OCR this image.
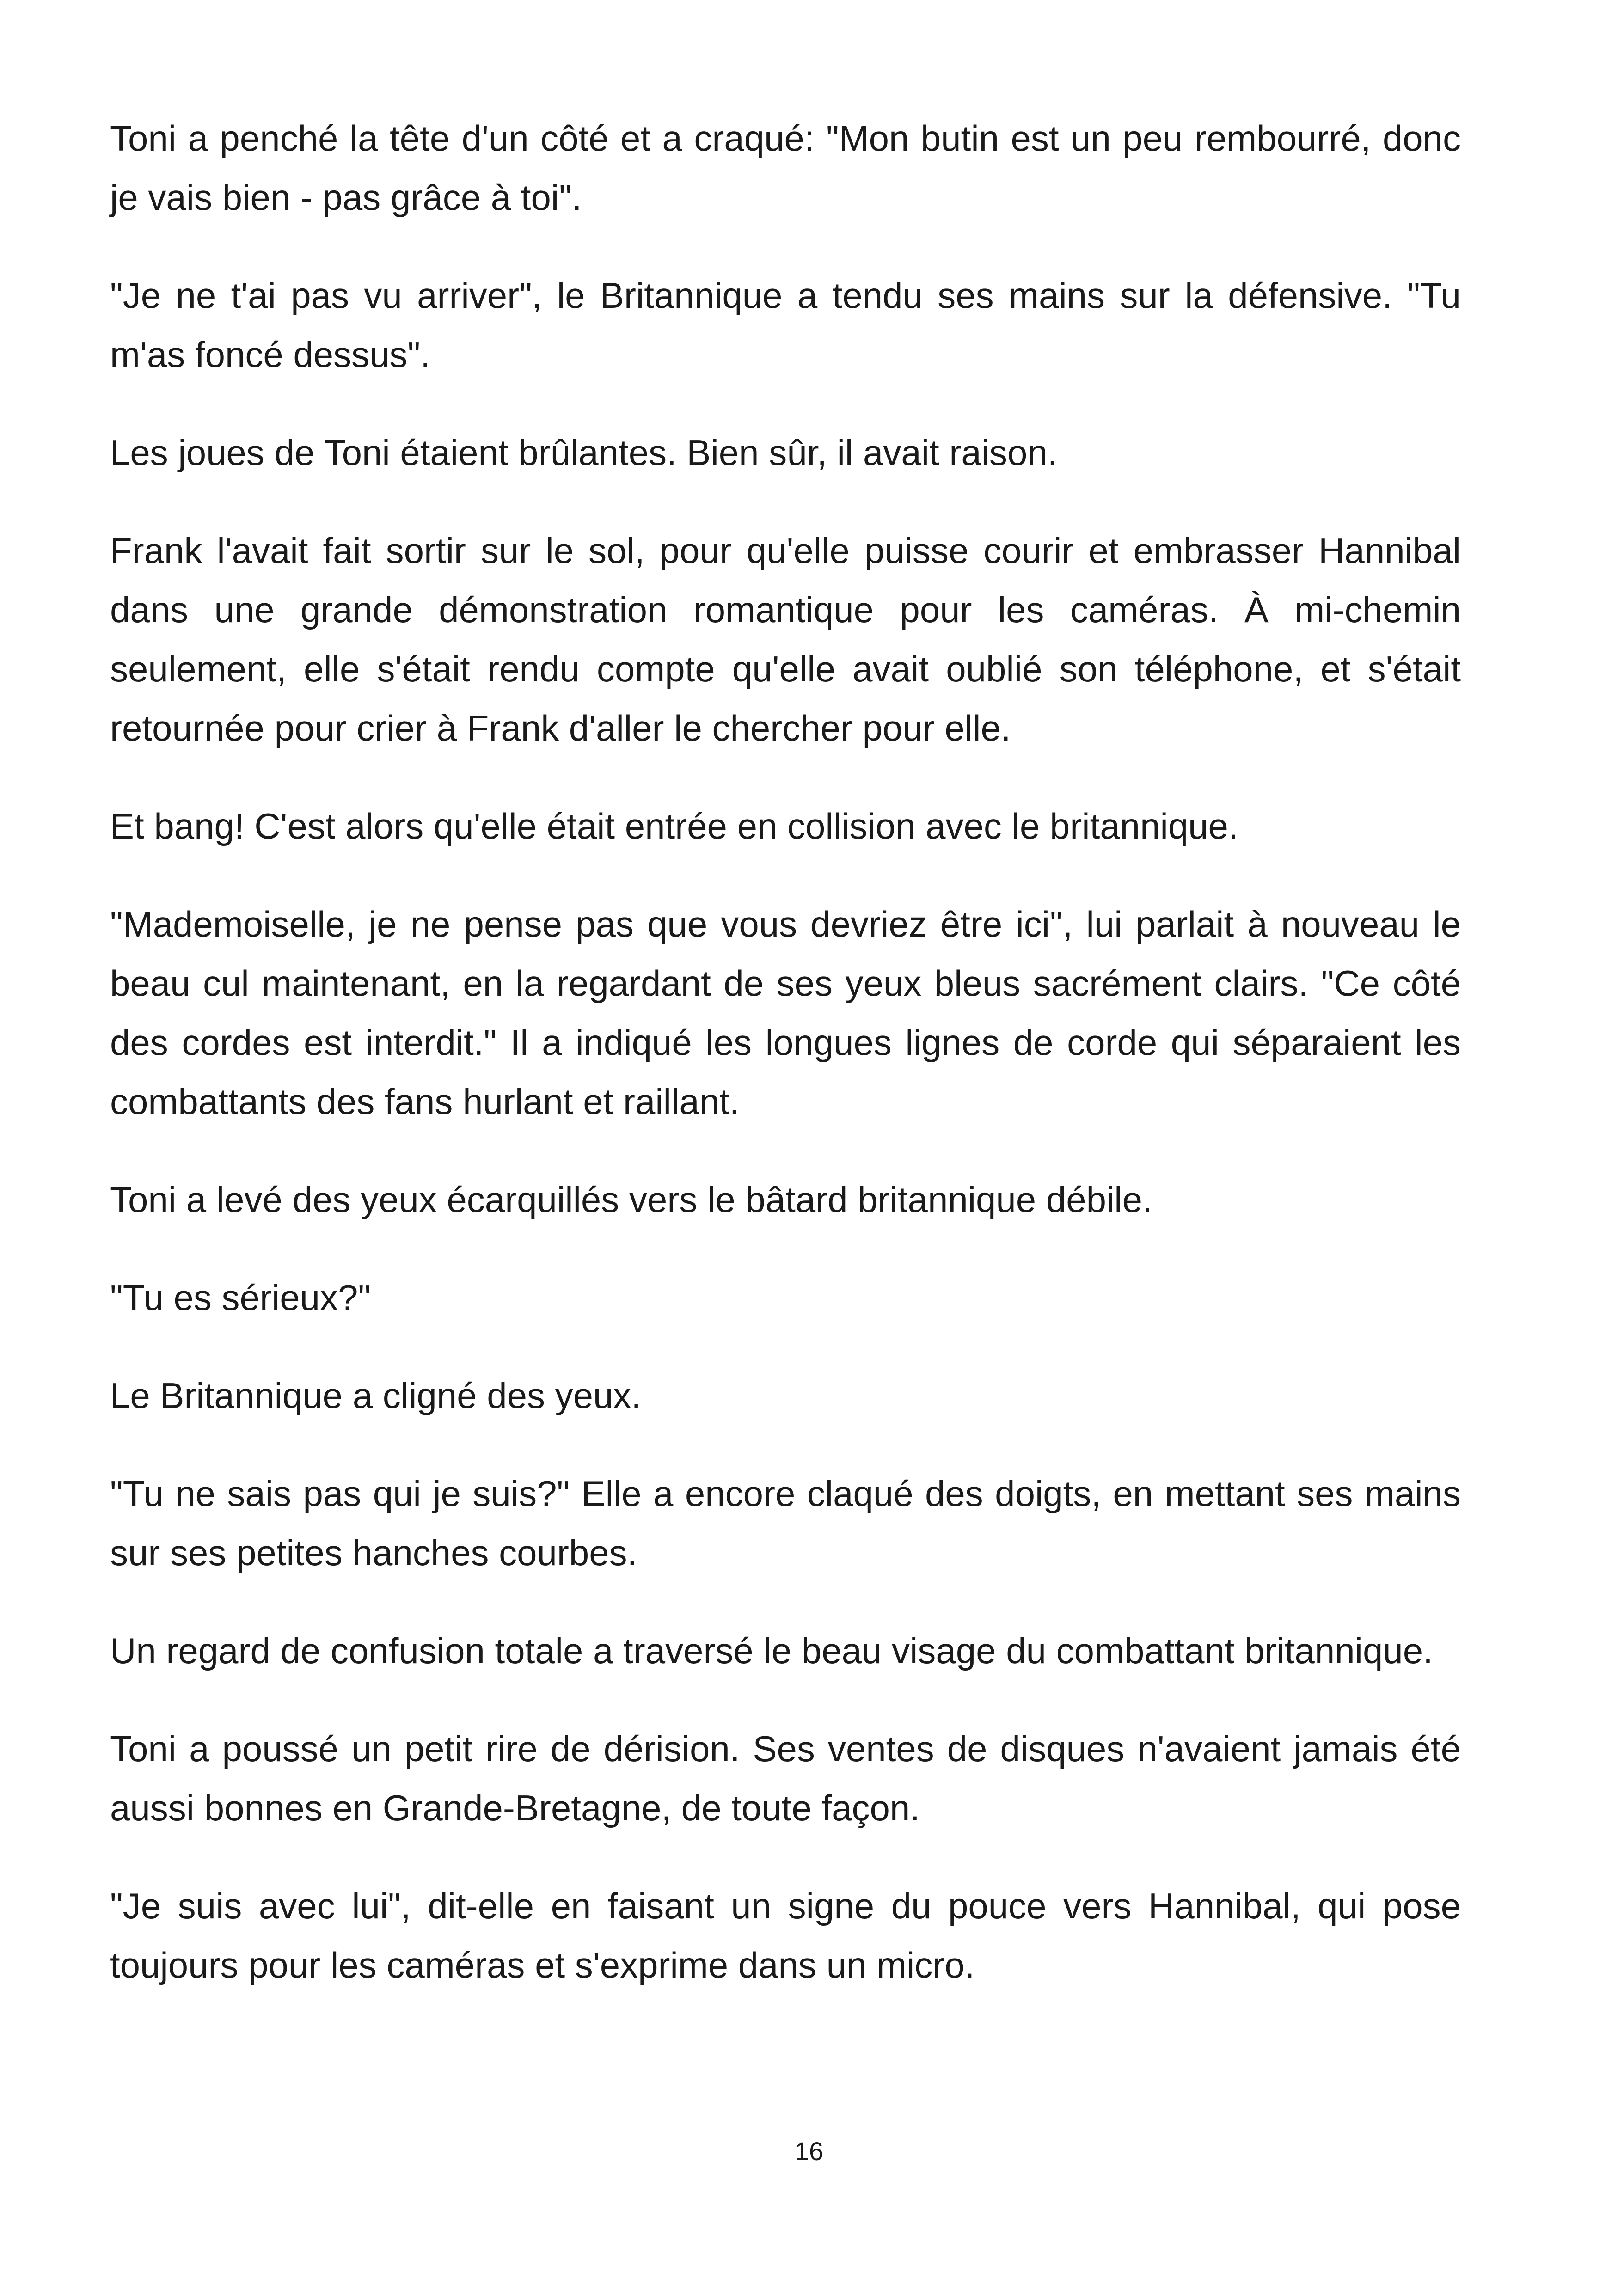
Toni a penché la tête d'un côté et a craqué: "Mon butin est un peu rembourré, donc je vais bien - pas grâce à toi".

"Je ne t'ai pas vu arriver", le Britannique a tendu ses mains sur la défensive. "Tu m'as foncé dessus".

Les joues de Toni étaient brûlantes. Bien sûr, il avait raison.

Frank l'avait fait sortir sur le sol, pour qu'elle puisse courir et embrasser Hannibal dans une grande démonstration romantique pour les caméras. À mi-chemin seulement, elle s'était rendu compte qu'elle avait oublié son téléphone, et s'était retournée pour crier à Frank d'aller le chercher pour elle.

Et bang! C'est alors qu'elle était entrée en collision avec le britannique.

"Mademoiselle, je ne pense pas que vous devriez être ici", lui parlait à nouveau le beau cul maintenant, en la regardant de ses yeux bleus sacrément clairs. "Ce côté des cordes est interdit." Il a indiqué les longues lignes de corde qui séparaient les combattants des fans hurlant et raillant.

Toni a levé des yeux écarquillés vers le bâtard britannique débile.

"Tu es sérieux?"

Le Britannique a cligné des yeux.

"Tu ne sais pas qui je suis?" Elle a encore claqué des doigts, en mettant ses mains sur ses petites hanches courbes.

Un regard de confusion totale a traversé le beau visage du combattant britannique.

Toni a poussé un petit rire de dérision. Ses ventes de disques n'avaient jamais été aussi bonnes en Grande-Bretagne, de toute façon.

"Je suis avec lui", dit-elle en faisant un signe du pouce vers Hannibal, qui pose toujours pour les caméras et s'exprime dans un micro.

16
